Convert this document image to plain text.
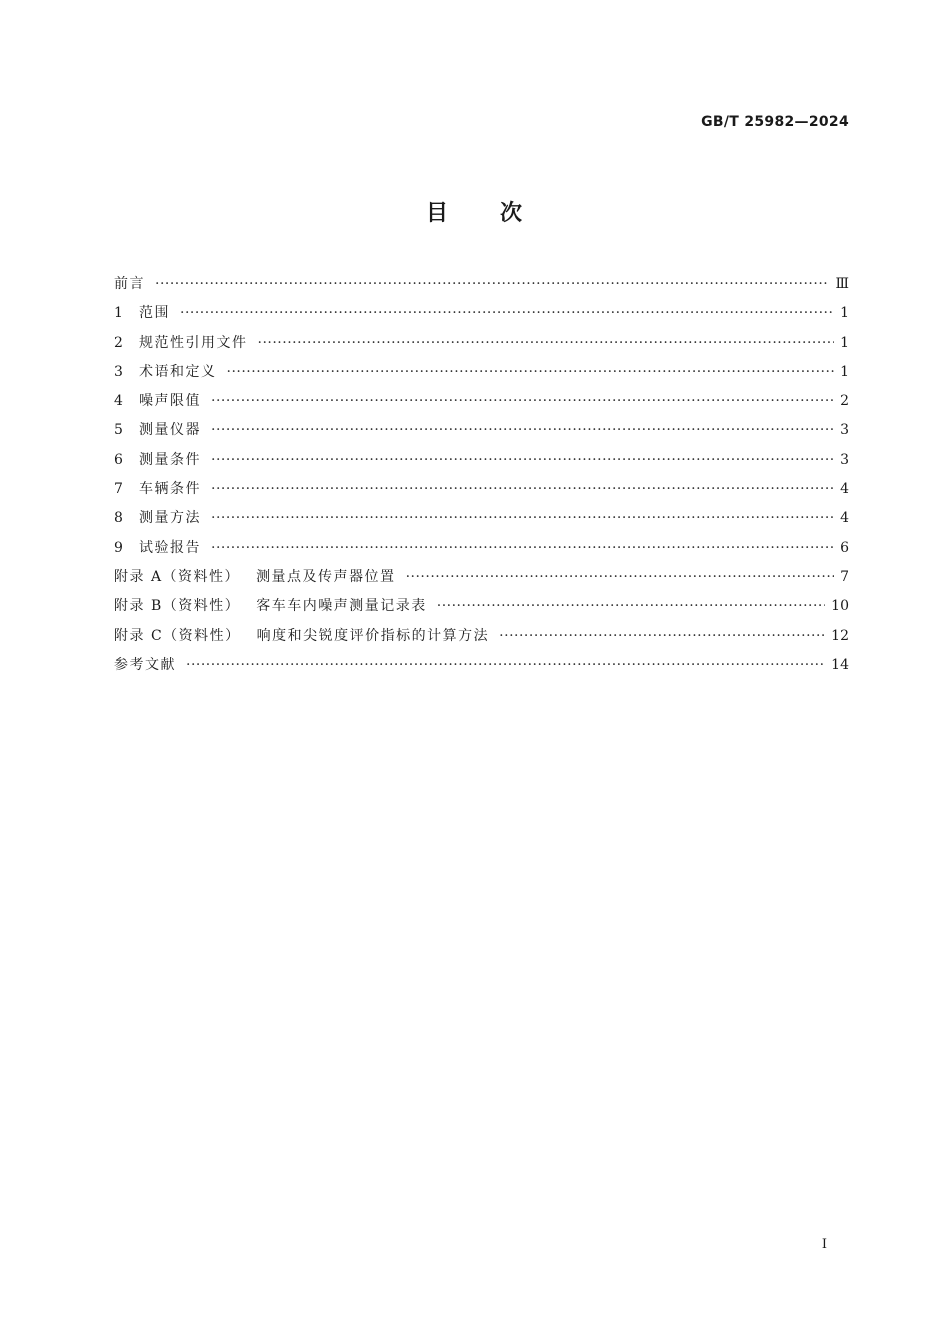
GB/T 25982—2024
目 次
前言 ·····	Ⅲ
1	范围 ·····	1
2	规范性引用文件 ·····	1
3	术语和定义 ·····	1
4	噪声限值 ·····	2
5	测量仪器 ·····	3
6	测量条件 ·····	3
7	车辆条件 ·····	4
8	测量方法 ·····	4
9	试验报告 ·····	6
附录 A（资料性） 测量点及传声器位置 ·····	7
附录 B（资料性） 客车车内噪声测量记录表 ·····	10
附录 C（资料性） 响度和尖锐度评价指标的计算方法 ·····	12
参考文献 ·····	14
Ⅰ
